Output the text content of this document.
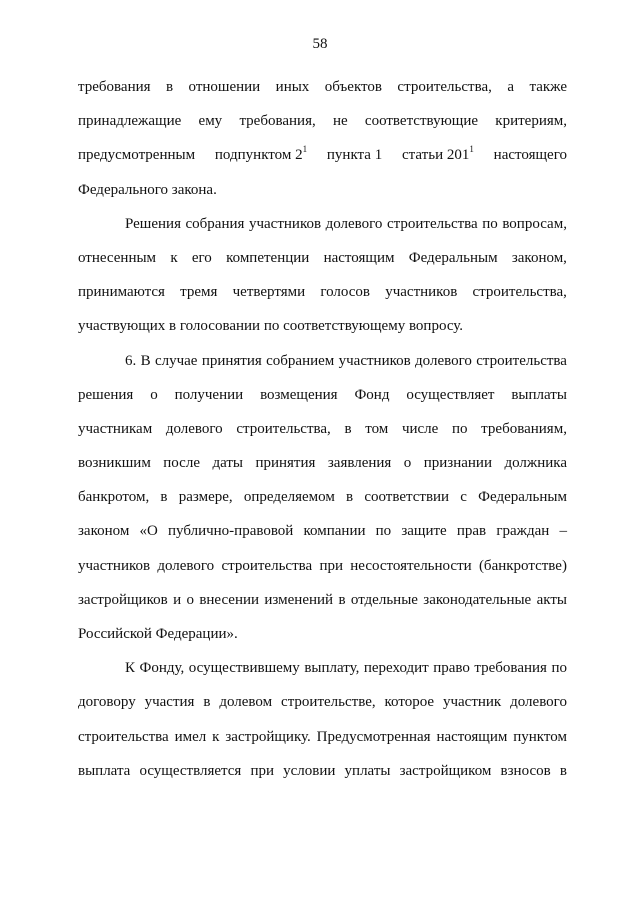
58
требования в отношении иных объектов строительства, а также
принадлежащие ему требования, не соответствующие критериям,
предусмотренным подпунктом $2^1$ пункта 1 статьи $201^1$ настоящего
Федерального закона.
Решения собрания участников долевого строительства по вопросам,
отнесенным к его компетенции настоящим Федеральным законом,
принимаются тремя четвертями голосов участников строительства,
участвующих в голосовании по соответствующему вопросу.
6. В случае принятия собранием участников долевого строительства
решения о получении возмещения Фонд осуществляет выплаты
участникам долевого строительства, в том числе по требованиям,
возникшим после даты принятия заявления о признании должника
банкротом, в размере, определяемом в соответствии с Федеральным
законом «О публично-правовой компании по защите прав граждан –
участников долевого строительства при несостоятельности (банкротстве)
застройщиков и о внесении изменений в отдельные законодательные акты
Российской Федерации».
К Фонду, осуществившему выплату, переходит право требования по
договору участия в долевом строительстве, которое участник долевого
строительства имел к застройщику. Предусмотренная настоящим пунктом
выплата осуществляется при условии уплаты застройщиком взносов в
